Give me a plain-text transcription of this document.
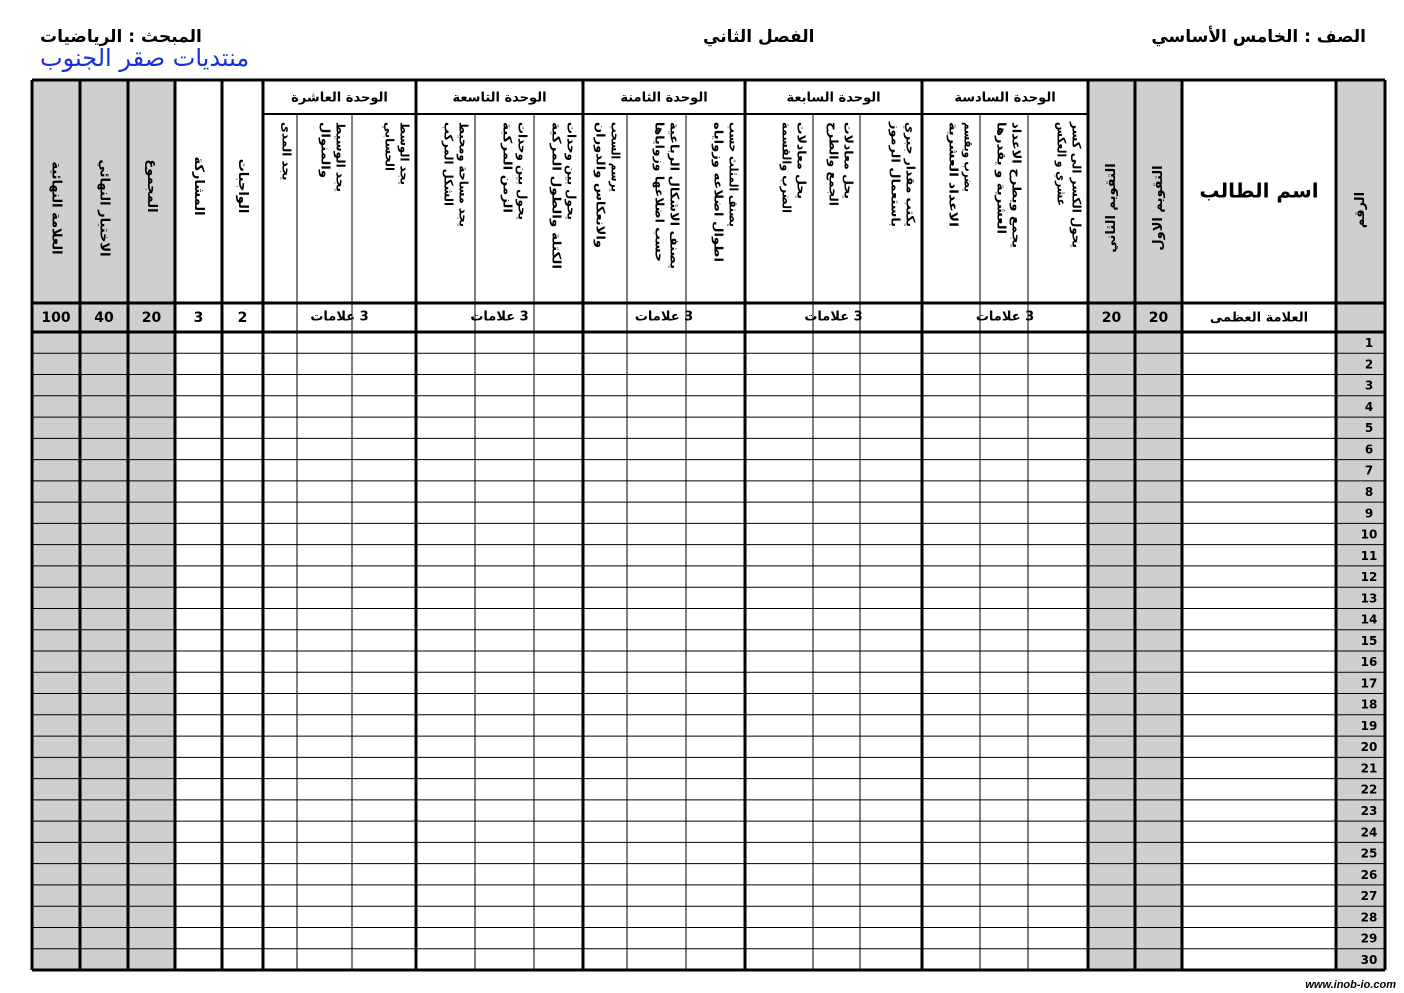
الصف : الخامس الأساسي
الفصل الثاني
المبحث : الرياضيات
منتديات صقر الجنوب
الوحدة السادسة
3 علامات
يحول الكسر الى كسر
عشري و العكس
يجمع ويطرح الاعداد
العشرية و يقدرها
يضرب ويقسم
الاعداد العشرية
الوحدة السابعة
3 علامات
يكتب مقدار جبري
باستعمال الرموز
يحل معادلات
الجمع والطرح
يحل معادلات
الضرب والقسمة
الوحدة الثامنة
3 علامات
يصنف المثلث حسب
اطوال اضلاعه وزواياه
يصنف الاشكال الرباعية
حسب اضلاعها وزواياها
يرسم السحب
والانعكاس والدوران
الوحدة التاسعة
3 علامات
يحول بين وحدات
الكتلة والطول المركية
يحول بين وحدات
الزمن المركبة
يجد مساحة ومحيط
الشكل المركب
الوحدة العاشرة
3 علامات
يجد الوسط
الحسابي
يجد الوسيط
والمنوال
يجد المدى
الرقم
اسم الطالب
التقويم الاول
التقويم الثاني
الواجبات
المشاركة
المجموع
الاختبار النهائي
العلامة النهائية
العلامة العظمى
20
20
2
3
20
40
100
1
2
3
4
5
6
7
8
9
10
11
12
13
14
15
16
17
18
19
20
21
22
23
24
25
26
27
28
29
30
www.inob-io.com
